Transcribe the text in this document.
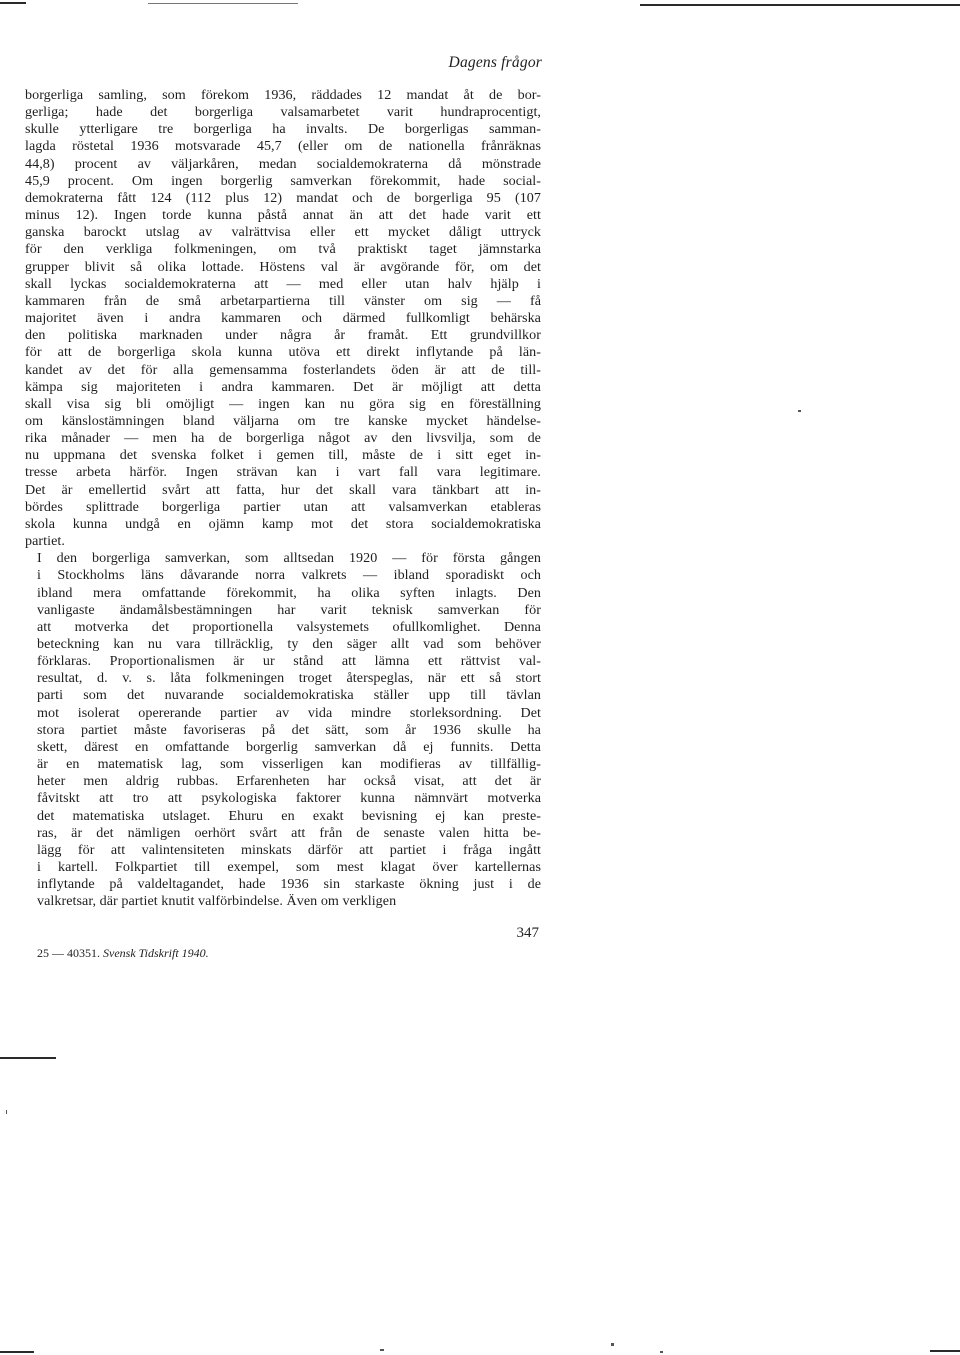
Dagens frågor

borgerliga samling, som förekom 1936, räddades 12 mandat åt de bor-
gerliga; hade det borgerliga valsamarbetet varit hundraprocentigt,
skulle ytterligare tre borgerliga ha invalts. De borgerligas samman-
lagda röstetal 1936 motsvarade 45,7 (eller om de nationella frånräknas
44,8) procent av väljarkåren, medan socialdemokraterna då mönstrade
45,9 procent. Om ingen borgerlig samverkan förekommit, hade social-
demokraterna fått 124 (112 plus 12) mandat och de borgerliga 95 (107
minus 12). Ingen torde kunna påstå annat än att det hade varit ett
ganska barockt utslag av valrättvisa eller ett mycket dåligt uttryck
för den verkliga folkmeningen, om två praktiskt taget jämnstarka
grupper blivit så olika lottade. Höstens val är avgörande för, om det
skall lyckas socialdemokraterna att — med eller utan halv hjälp i
kammaren från de små arbetarpartierna till vänster om sig — få
majoritet även i andra kammaren och därmed fullkomligt behärska
den politiska marknaden under några år framåt. Ett grundvillkor
för att de borgerliga skola kunna utöva ett direkt inflytande på län-
kandet av det för alla gemensamma fosterlandets öden är att de till-
kämpa sig majoriteten i andra kammaren. Det är möjligt att detta
skall visa sig bli omöjligt — ingen kan nu göra sig en föreställning
om känslostämningen bland väljarna om tre kanske mycket händelse-
rika månader — men ha de borgerliga något av den livsvilja, som de
nu uppmana det svenska folket i gemen till, måste de i sitt eget in-
tresse arbeta härför. Ingen strävan kan i vart fall vara legitimare.
Det är emellertid svårt att fatta, hur det skall vara tänkbart att in-
bördes splittrade borgerliga partier utan att valsamverkan etableras
skola kunna undgå en ojämn kamp mot det stora socialdemokratiska
partiet.

I den borgerliga samverkan, som alltsedan 1920 — för första gången
i Stockholms läns dåvarande norra valkrets — ibland sporadiskt och
ibland mera omfattande förekommit, ha olika syften inlagts. Den
vanligaste ändamålsbestämningen har varit teknisk samverkan för
att motverka det proportionella valsystemets ofullkomlighet. Denna
beteckning kan nu vara tillräcklig, ty den säger allt vad som behöver
förklaras. Proportionalismen är ur stånd att lämna ett rättvist val-
resultat, d. v. s. låta folkmeningen troget återspeglas, när ett så stort
parti som det nuvarande socialdemokratiska ställer upp till tävlan
mot isolerat opererande partier av vida mindre storleksordning. Det
stora partiet måste favoriseras på det sätt, som år 1936 skulle ha
skett, därest en omfattande borgerlig samverkan då ej funnits. Detta
är en matematisk lag, som visserligen kan modifieras av tillfällig-
heter men aldrig rubbas. Erfarenheten har också visat, att det är
fåvitskt att tro att psykologiska faktorer kunna nämnvärt motverka
det matematiska utslaget. Ehuru en exakt bevisning ej kan preste-
ras, är det nämligen oerhört svårt att från de senaste valen hitta be-
lägg för att valintensiteten minskats därför att partiet i fråga ingått
i kartell. Folkpartiet till exempel, som mest klagat över kartellernas
inflytande på valdeltagandet, hade 1936 sin starkaste ökning just i de
valkretsar, där partiet knutit valförbindelse. Även om verkligen

347
25 — 40351. Svensk Tidskrift 1940.
